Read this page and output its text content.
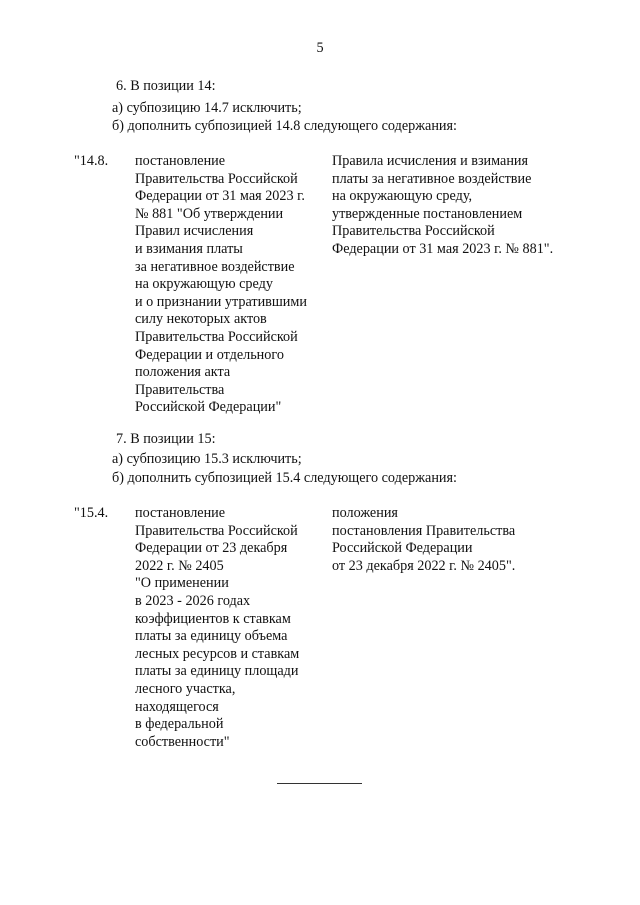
5
6. В позиции 14:
а) субпозицию 14.7 исключить;
б) дополнить субпозицией 14.8 следующего содержания:
"14.8. постановление
Правительства Российской
Федерации от 31 мая 2023 г.
№ 881 "Об утверждении
Правил исчисления
и взимания платы
за негативное воздействие
на окружающую среду
и о признании утратившими
силу некоторых актов
Правительства Российской
Федерации и отдельного
положения акта
Правительства
Российской Федерации"
Правила исчисления и взимания
платы за негативное воздействие
на окружающую среду,
утвержденные постановлением
Правительства Российской
Федерации от 31 мая 2023 г. № 881".
7. В позиции 15:
а) субпозицию 15.3 исключить;
б) дополнить субпозицией 15.4 следующего содержания:
"15.4. постановление
Правительства Российской
Федерации от 23 декабря
2022 г. № 2405
"О применении
в 2023 - 2026 годах
коэффициентов к ставкам
платы за единицу объема
лесных ресурсов и ставкам
платы за единицу площади
лесного участка,
находящегося
в федеральной
собственности"
положения
постановления Правительства
Российской Федерации
от 23 декабря 2022 г. № 2405".
